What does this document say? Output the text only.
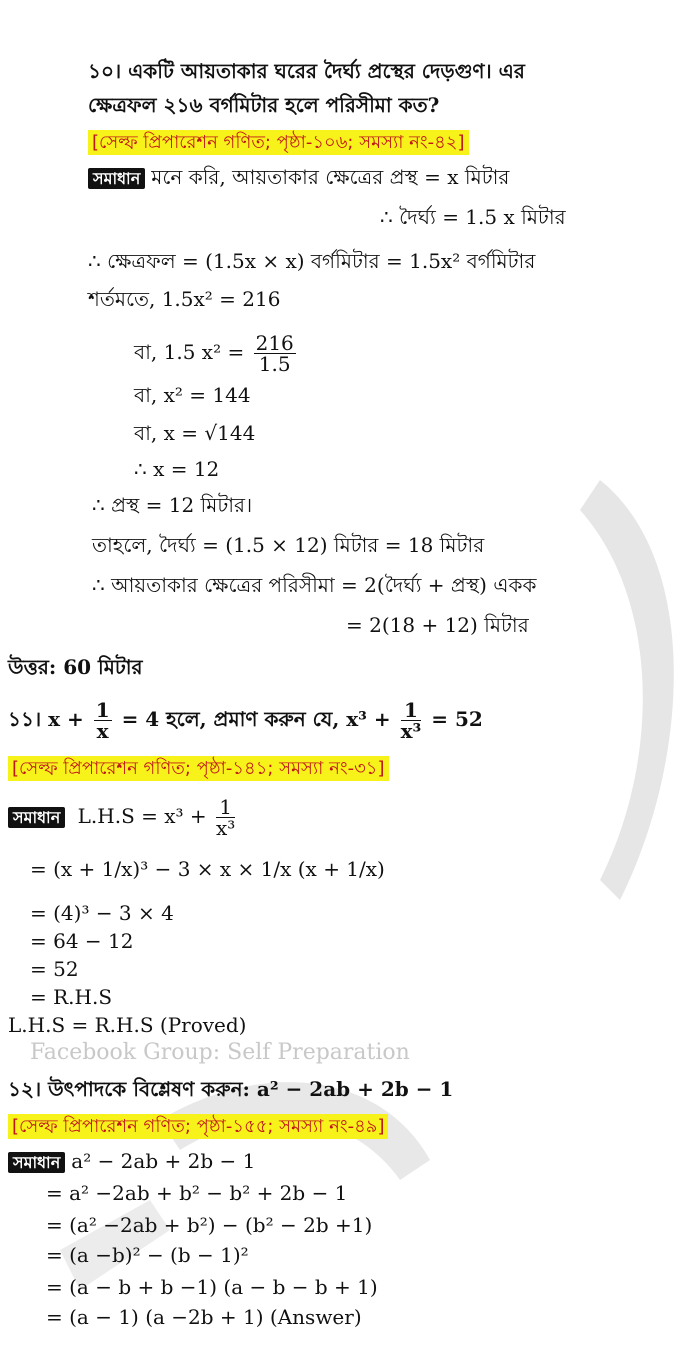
১০। একটি আয়তাকার ঘরের দৈর্ঘ্য প্রস্থের দেড়গুণ। এর
ক্ষেত্রফল ২১৬ বর্গমিটার হলে পরিসীমা কত?
[সেল্ফ প্রিপারেশন গণিত; পৃষ্ঠা-১০৬; সমস্যা নং-৪২]
সমাধান মনে করি, আয়তাকার ক্ষেত্রের প্রস্থ = x মিটার
∴ দৈর্ঘ্য = 1.5 x মিটার
∴ ক্ষেত্রফল = (1.5x × x) বর্গমিটার = 1.5x² বর্গমিটার
শর্তমতে, 1.5x² = 216
বা, 1.5 $x^2 = \frac{216}{1.5}$
বা, x² = 144
বা, x = √144
∴ x = 12
∴ প্রস্থ = 12 মিটার।
তাহলে, দৈর্ঘ্য = (1.5 × 12) মিটার = 18 মিটার
∴ আয়তাকার ক্ষেত্রের পরিসীমা = 2(দৈর্ঘ্য + প্রস্থ) একক
= 2(18 + 12) মিটার
উত্তর: 60 মিটার
১১। $x + \frac{1}{x} = 4$ হলে, প্রমাণ করুন যে, $x^3 + \frac{1}{\text{x³}} = 52$
[সেল্ফ প্রিপারেশন গণিত; পৃষ্ঠা-১৪১; সমস্যা নং-৩১]
সমাধান $L.H.S = x^3 + \frac{1}{\text{x³}}$
= (x + 1/x)³ − 3 × x × 1/x (x + 1/x)
= (4)³ − 3 × 4
= 64 − 12
= 52
= R.H.S
L.H.S = R.H.S (Proved)
Facebook Group: Self Preparation
১২। উৎপাদকে বিশ্লেষণ করুন: a² − 2ab + 2b − 1
[সেল্ফ প্রিপারেশন গণিত; পৃষ্ঠা-১৫৫; সমস্যা নং-৪৯]
সমাধান a² − 2ab + 2b − 1
= a² −2ab + b² − b² + 2b − 1
= (a² −2ab + b²) − (b² − 2b +1)
= (a −b)² − (b − 1)²
= (a − b + b −1) (a − b − b + 1)
= (a − 1) (a −2b + 1) (Answer)
